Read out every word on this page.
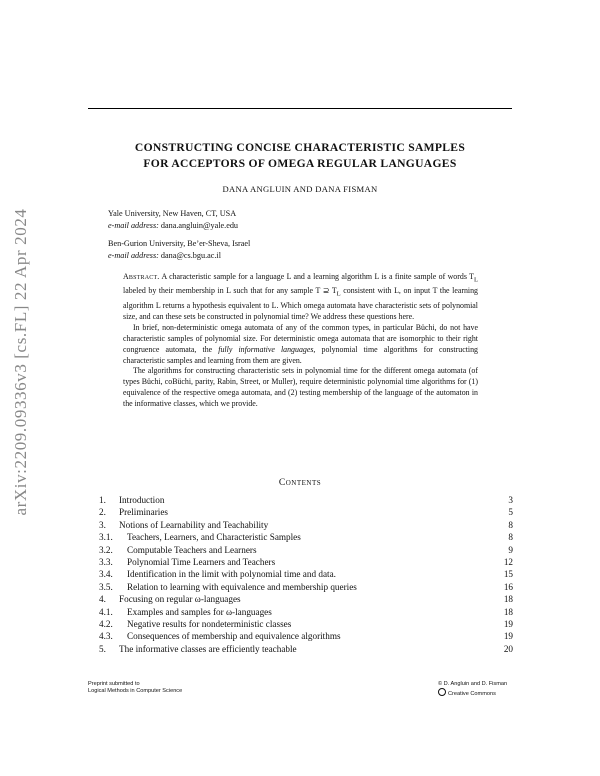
arXiv:2209.09336v3 [cs.FL] 22 Apr 2024
CONSTRUCTING CONCISE CHARACTERISTIC SAMPLES
FOR ACCEPTORS OF OMEGA REGULAR LANGUAGES
DANA ANGLUIN AND DANA FISMAN
Yale University, New Haven, CT, USA
e-mail address: dana.angluin@yale.edu
Ben-Gurion University, Be’er-Sheva, Israel
e-mail address: dana@cs.bgu.ac.il

Abstract. A characteristic sample for a language L and a learning algorithm L is a finite sample of words $T_L$ labeled by their membership in L such that for any sample T ⊇ $T_L$ consistent with L, on input T the learning algorithm L returns a hypothesis equivalent to L. Which omega automata have characteristic sets of polynomial size, and can these sets be constructed in polynomial time? We address these questions here.

In brief, non-deterministic omega automata of any of the common types, in particular Büchi, do not have characteristic samples of polynomial size. For deterministic omega automata that are isomorphic to their right congruence automata, the fully informative languages, polynomial time algorithms for constructing characteristic samples and learning from them are given.

The algorithms for constructing characteristic sets in polynomial time for the different omega automata (of types Büchi, coBüchi, parity, Rabin, Street, or Muller), require deterministic polynomial time algorithms for (1) equivalence of the respective omega automata, and (2) testing membership of the language of the automaton in the informative classes, which we provide.

Contents
1. Introduction	3
2. Preliminaries	5
3. Notions of Learnability and Teachability	8
3.1. Teachers, Learners, and Characteristic Samples	8
3.2. Computable Teachers and Learners	9
3.3. Polynomial Time Learners and Teachers	12
3.4. Identification in the limit with polynomial time and data.	15
3.5. Relation to learning with equivalence and membership queries	16
4. Focusing on regular ω-languages	18
4.1. Examples and samples for ω-languages	18
4.2. Negative results for nondeterministic classes	19
4.3. Consequences of membership and equivalence algorithms	19
5. The informative classes are efficiently teachable	20
Preprint submitted to
Logical Methods in Computer Science
© D. Angluin and D. Fisman
Creative Commons
